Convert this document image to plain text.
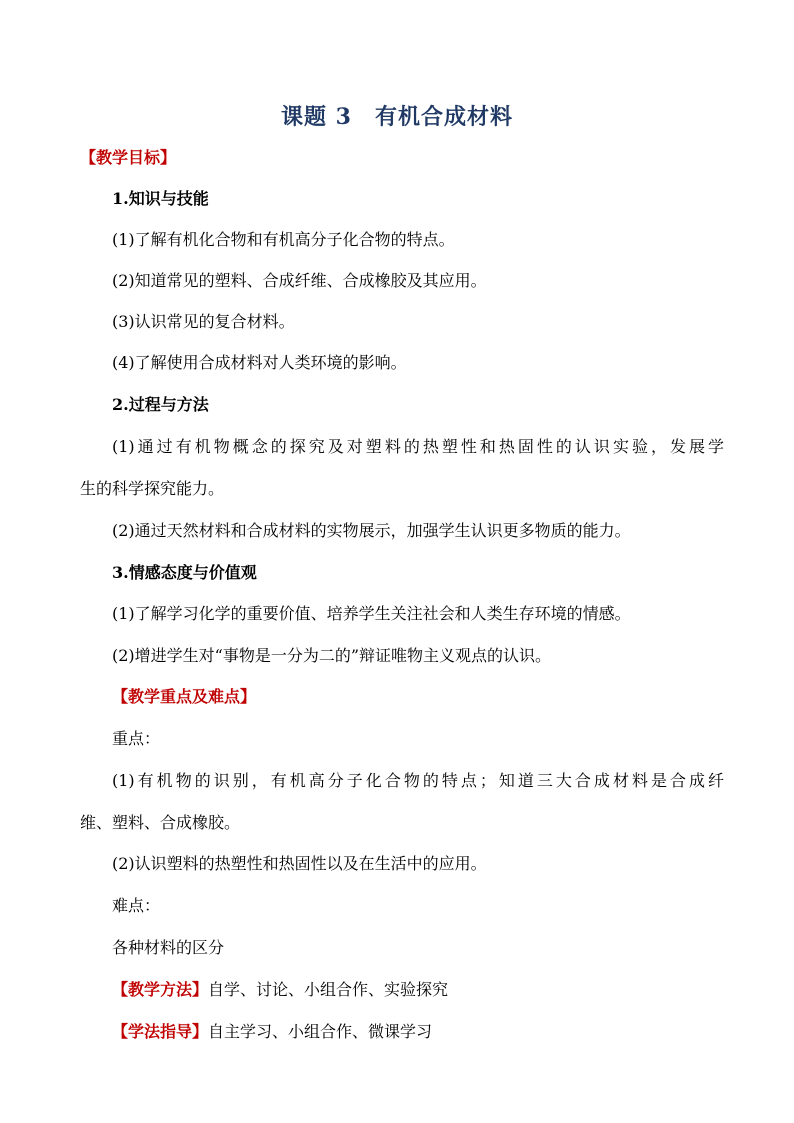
课题 3　有机合成材料
【教学目标】
1.知识与技能
(1)了解有机化合物和有机高分子化合物的特点。
(2)知道常见的塑料、合成纤维、合成橡胶及其应用。
(3)认识常见的复合材料。
(4)了解使用合成材料对人类环境的影响。
2.过程与方法
(1)通过有机物概念的探究及对塑料的热塑性和热固性的认识实验，发展学
生的科学探究能力。
(2)通过天然材料和合成材料的实物展示，加强学生认识更多物质的能力。
3.情感态度与价值观
(1)了解学习化学的重要价值、培养学生关注社会和人类生存环境的情感。
(2)增进学生对“事物是一分为二的”辩证唯物主义观点的认识。
【教学重点及难点】
重点：
(1)有机物的识别，有机高分子化合物的特点；知道三大合成材料是合成纤
维、塑料、合成橡胶。
(2)认识塑料的热塑性和热固性以及在生活中的应用。
难点：
各种材料的区分
【教学方法】自学、讨论、小组合作、实验探究
【学法指导】自主学习、小组合作、微课学习
